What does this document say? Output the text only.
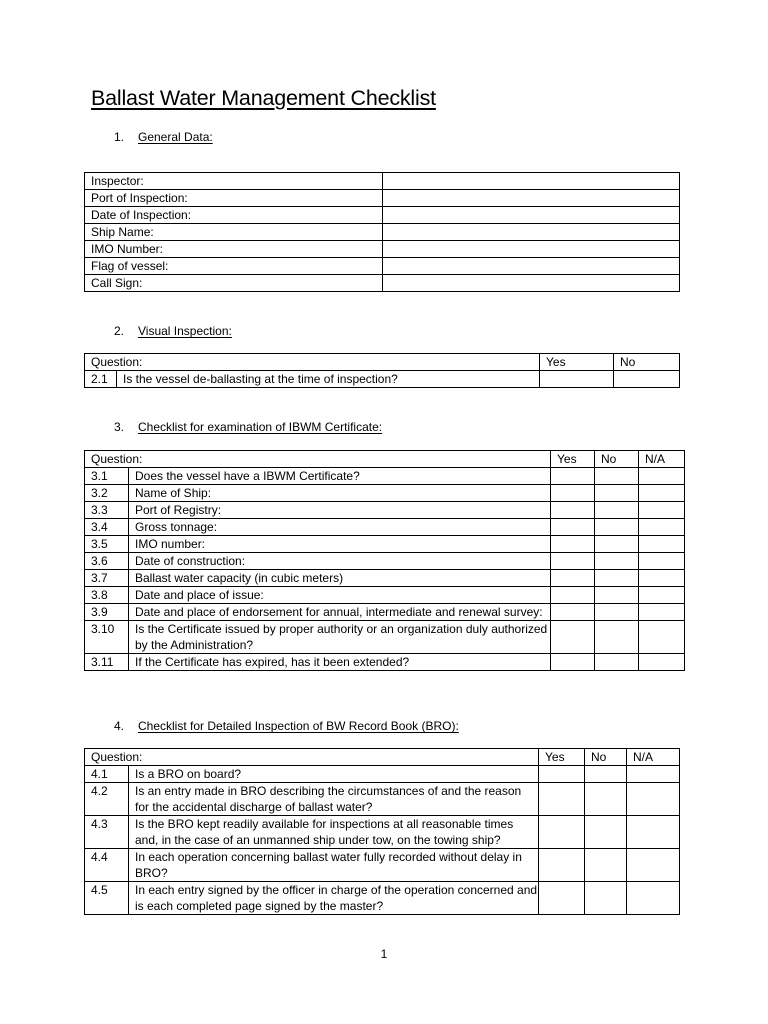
Ballast Water Management Checklist
1. General Data:
Inspector:	
Port of Inspection:	
Date of Inspection:	
Ship Name:	
IMO Number:	
Flag of vessel:	
Call Sign:	
2. Visual Inspection:
Question:		Yes	No
2.1	Is the vessel de-ballasting at the time of inspection?		
3. Checklist for examination of IBWM Certificate:
Question:		Yes	No	N/A
3.1	Does the vessel have a IBWM Certificate?			
3.2	Name of Ship:			
3.3	Port of Registry:			
3.4	Gross tonnage:			
3.5	IMO number:			
3.6	Date of construction:			
3.7	Ballast water capacity (in cubic meters)			
3.8	Date and place of issue:			
3.9	Date and place of endorsement for annual, intermediate and renewal survey:			
3.10	Is the Certificate issued by proper authority or an organization duly authorized by the Administration?			
3.11	If the Certificate has expired, has it been extended?			
4. Checklist for Detailed Inspection of BW Record Book (BRO):
Question:		Yes	No	N/A
4.1	Is a BRO on board?			
4.2	Is an entry made in BRO describing the circumstances of and the reason for the accidental discharge of ballast water?			
4.3	Is the BRO kept readily available for inspections at all reasonable times and, in the case of an unmanned ship under tow, on the towing ship?			
4.4	In each operation concerning ballast water fully recorded without delay in BRO?			
4.5	In each entry signed by the officer in charge of the operation concerned and is each completed page signed by the master?			
1
